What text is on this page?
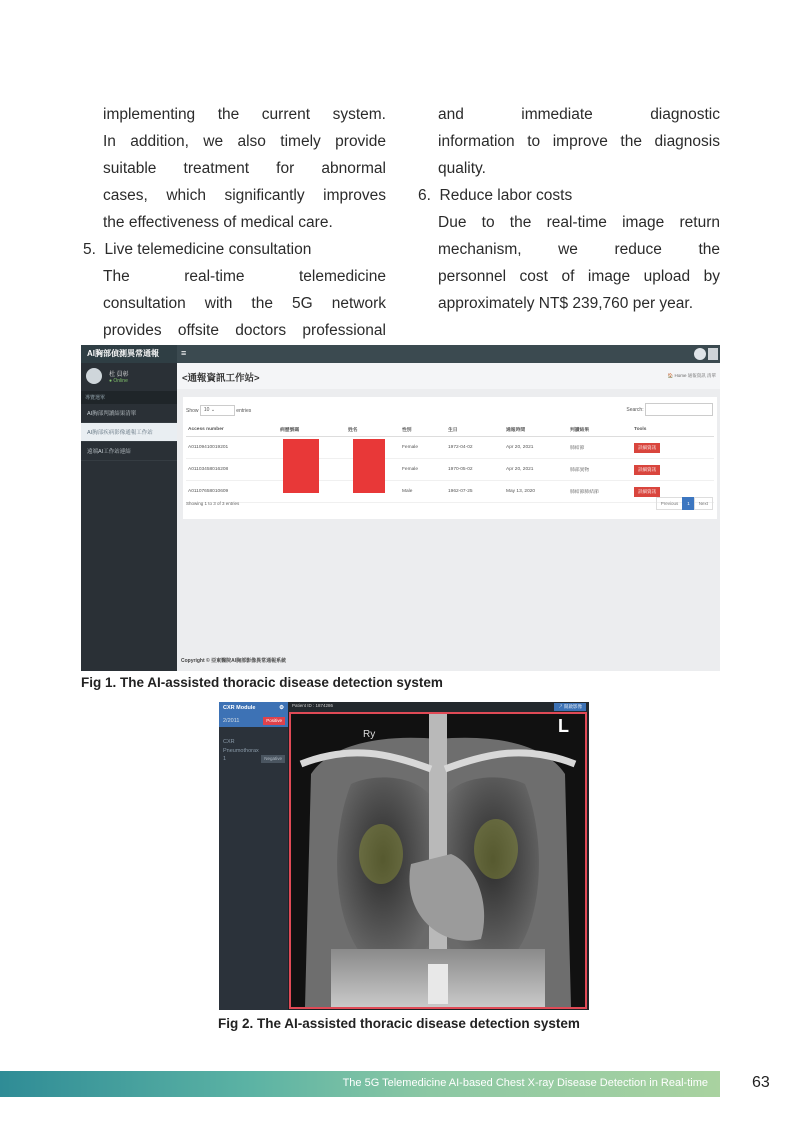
implementing the current system.

In addition, we also timely provide

suitable treatment for abnormal

cases, which significantly improves

the effectiveness of medical care.

5.  Live telemedicine consultation

The real-time telemedicine

consultation with the 5G network

provides offsite doctors professional

and immediate diagnostic

information to improve the diagnosis

quality.

6.  Reduce labor costs

Due to the real-time image return

mechanism, we reduce the

personnel cost of image upload by

approximately NT$ 239,760 per year.

AI胸部偵測異常通報
杜 員彰
● Online
導覽選單
AI胸部判讀結果清單
AI胸部疾病影像通報工作站
遠端AI工作站連結
≡
<通報資訊工作站>	🏠 Home 通報資訊 清單
Show 10 ⌄	entries	Search:
Access number	病歷號碼	姓名	性別	生日	通報時間	判讀結果	Tools
A01109410019201			Female	1972-04-02	Apr 20, 2021	肺結節	詳細資訊
A01103458016208			Female	1970-05-02	Apr 20, 2021	肺部異物	詳細資訊
A01107658010609			Male	1962-07-25	May 13, 2020	肺結節肺結節	詳細資訊
Showing 1 to 3 of 3 entries	Previous 1 Next
Copyright © 亞東醫院AI胸部影像異常通報系統
Fig 1. The AI-assisted thoracic disease detection system
CXR Module	⚙
2/2011	Positive

CXR
Pneumothorax

1	Negative
Patient ID : 1874286	↗ 開啟影像
Ry	L
Fig 2. The AI-assisted thoracic disease detection system
The 5G Telemedicine AI-based Chest X-ray Disease Detection in Real-time	63
